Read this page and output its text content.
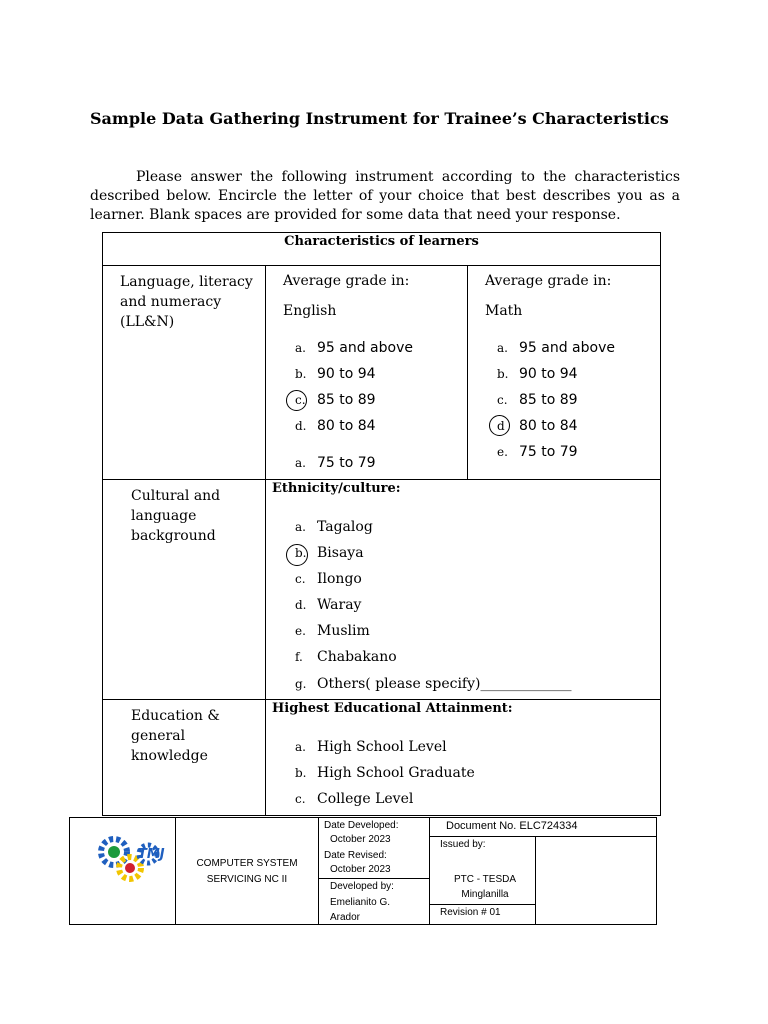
Sample Data Gathering Instrument for Trainee’s Characteristics
Please answer the following instrument according to the characteristics described below. Encircle the letter of your choice that best describes you as a learner. Blank spaces are provided for some data that need your response.
Characteristics of learners
Language, literacy and numeracy (LL&N)
Average grade in:
English
a. 95 and above
b. 90 to 94
c. 85 to 89
d. 80 to 84
a. 75 to 79
Average grade in:
Math
a. 95 and above
b. 90 to 94
c. 85 to 89
d 80 to 84
e. 75 to 79
Cultural and language background
Ethnicity/culture:
a. Tagalog
b. Bisaya
c. Ilongo
d. Waray
e. Muslim
f. Chabakano
g. Others( please specify)_____________
Education & general knowledge
Highest Educational Attainment:
a. High School Level
b. High School Graduate
c. College Level
TMJ
COMPUTER SYSTEM SERVICING NC II
Date Developed:
October 2023
Date Revised:
October 2023
Developed by:
Emelianito G. Arador
Document No. ELC724334
Issued by:
PTC - TESDA Minglanilla
Revision # 01
